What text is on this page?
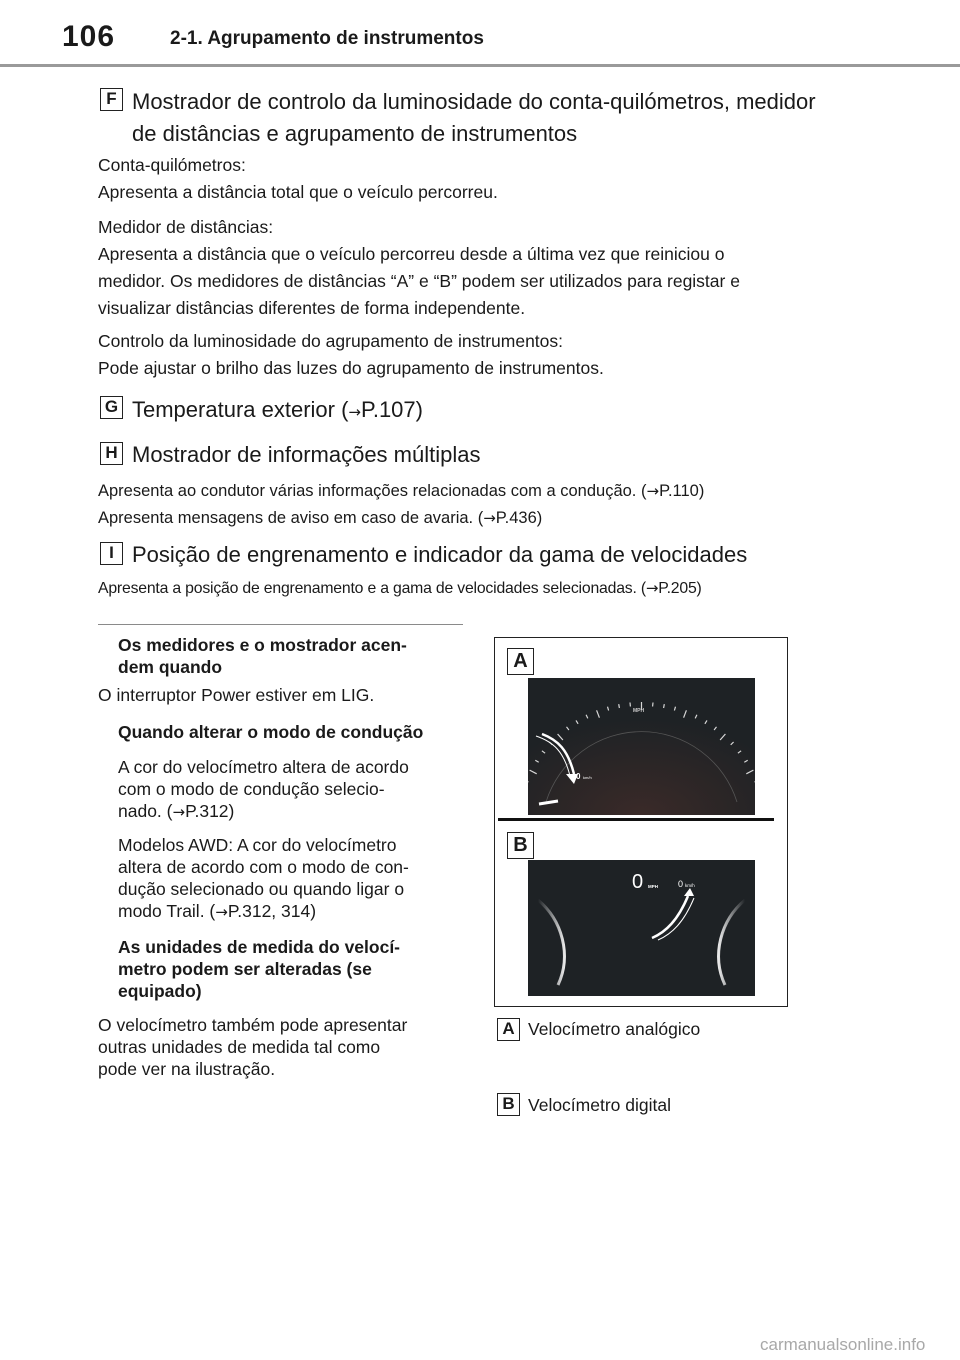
106	2-1. Agrupamento de instrumentos
F Mostrador de controlo da luminosidade do conta-quilómetros, medidor
de distâncias e agrupamento de instrumentos
Conta-quilómetros:
Apresenta a distância total que o veículo percorreu.
Medidor de distâncias:
Apresenta a distância que o veículo percorreu desde a última vez que reiniciou o
medidor. Os medidores de distâncias “A” e “B” podem ser utilizados para registar e
visualizar distâncias diferentes de forma independente.
Controlo da luminosidade do agrupamento de instrumentos:
Pode ajustar o brilho das luzes do agrupamento de instrumentos.
G Temperatura exterior (→P.107)
H Mostrador de informações múltiplas
Apresenta ao condutor várias informações relacionadas com a condução. (→P.110)
Apresenta mensagens de aviso em caso de avaria. (→P.436)
I Posição de engrenamento e indicador da gama de velocidades
Apresenta a posição de engrenamento e a gama de velocidades selecionadas. (→P.205)
Os medidores e o mostrador acen-
dem quando
O interruptor Power estiver em LIG.
Quando alterar o modo de condução
A cor do velocímetro altera de acordo
com o modo de condução selecio-
nado. (→P.312)
Modelos AWD: A cor do velocímetro
altera de acordo com o modo de con-
dução selecionado ou quando ligar o
modo Trail. (→P.312, 314)
As unidades de medida do velocí-
metro podem ser alteradas (se
equipado)
O velocímetro também pode apresentar
outras unidades de medida tal como
pode ver na ilustração.
A
B
MPH
0 km/h
0 MPH 0 km/h
A Velocímetro analógico
B Velocímetro digital
carmanualsonline.info
